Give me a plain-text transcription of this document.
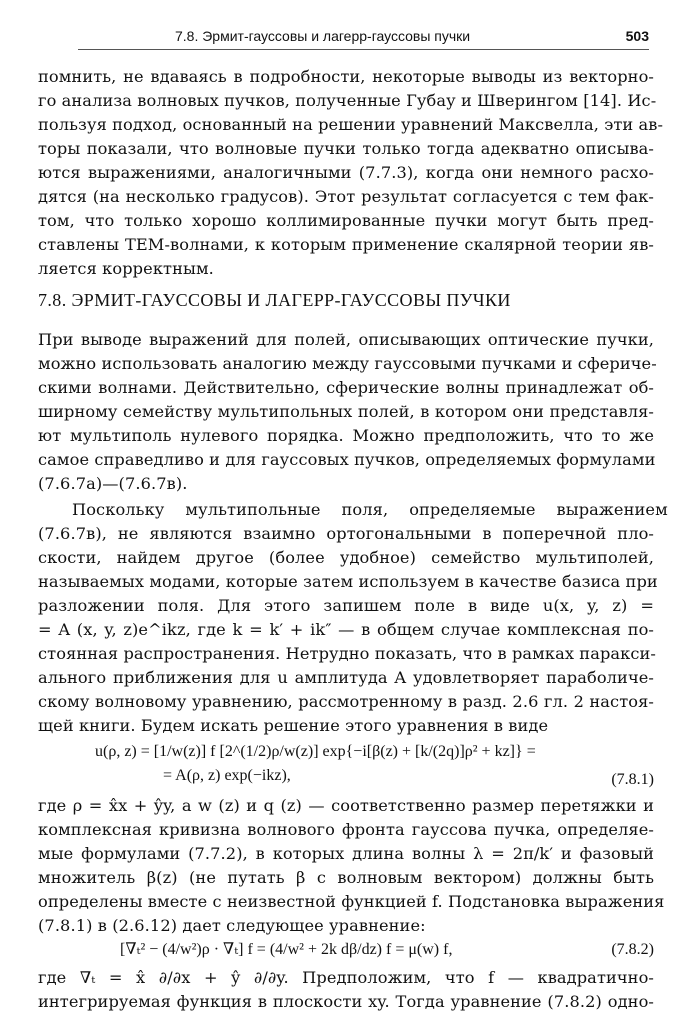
7.8. Эрмит-гауссовы и лагерр-гауссовы пучки	503
помнить, не вдаваясь в подробности, некоторые выводы из векторно-
го анализа волновых пучков, полученные Губау и Шверингом [14]. Ис-
пользуя подход, основанный на решении уравнений Максвелла, эти ав-
торы показали, что волновые пучки только тогда адекватно описыва-
ются выражениями, аналогичными (7.7.3), когда они немного расхо-
дятся (на несколько градусов). Этот результат согласуется с тем фак-
том, что только хорошо коллимированные пучки могут быть пред-
ставлены ТЕМ-волнами, к которым применение скалярной теории яв-
ляется корректным.
7.8. ЭРМИТ-ГАУССОВЫ И ЛАГЕРР-ГАУССОВЫ ПУЧКИ
При выводе выражений для полей, описывающих оптические пучки,
можно использовать аналогию между гауссовыми пучками и сфериче-
скими волнами. Действительно, сферические волны принадлежат об-
ширному семейству мультипольных полей, в котором они представля-
ют мультиполь нулевого порядка. Можно предположить, что то же
самое справедливо и для гауссовых пучков, определяемых формулами
(7.6.7а)—(7.6.7в).
Поскольку    мультипольные    поля,    определяемые    выражением
(7.6.7в), не являются взаимно ортогональными в поперечной пло-
скости, найдем другое (более удобное) семейство мультиполей,
называемых модами, которые затем используем в качестве базиса при
разложении поля. Для этого запишем поле в виде u(x, y, z) =
= A (x, y, z)e^ikz, где k = k′ + ik″ — в общем случае комплексная по-
стоянная распространения. Нетрудно показать, что в рамках паракси-
ального приближения для u амплитуда A удовлетворяет параболиче-
скому волновому уравнению, рассмотренному в разд. 2.6 гл. 2 настоя-
щей книги. Будем искать решение этого уравнения в виде
u(ρ, z) = [1/w(z)] f [2^(1/2)ρ/w(z)] exp{−i[β(z) + [k/(2q)]ρ² + kz]} =
= A(ρ, z) exp(−ikz),	(7.8.1)
где ρ = x̂x + ŷy, а w (z) и q (z) — соответственно размер перетяжки и
комплексная кривизна волнового фронта гауссова пучка, определяе-
мые формулами (7.7.2), в которых длина волны λ = 2π/k′ и фазовый
множитель β(z) (не путать β с волновым вектором) должны быть
определены вместе с неизвестной функцией f. Подстановка выражения
(7.8.1) в (2.6.12) дает следующее уравнение:
[∇ₜ² − (4/w²)ρ · ∇ₜ] f = (4/w² + 2k dβ/dz) f = μ(w) f,	(7.8.2)
где ∇ₜ = x̂ ∂/∂x + ŷ ∂/∂y. Предположим, что f — квадратично-
интегрируемая функция в плоскости xy. Тогда уравнение (7.8.2) одно-
